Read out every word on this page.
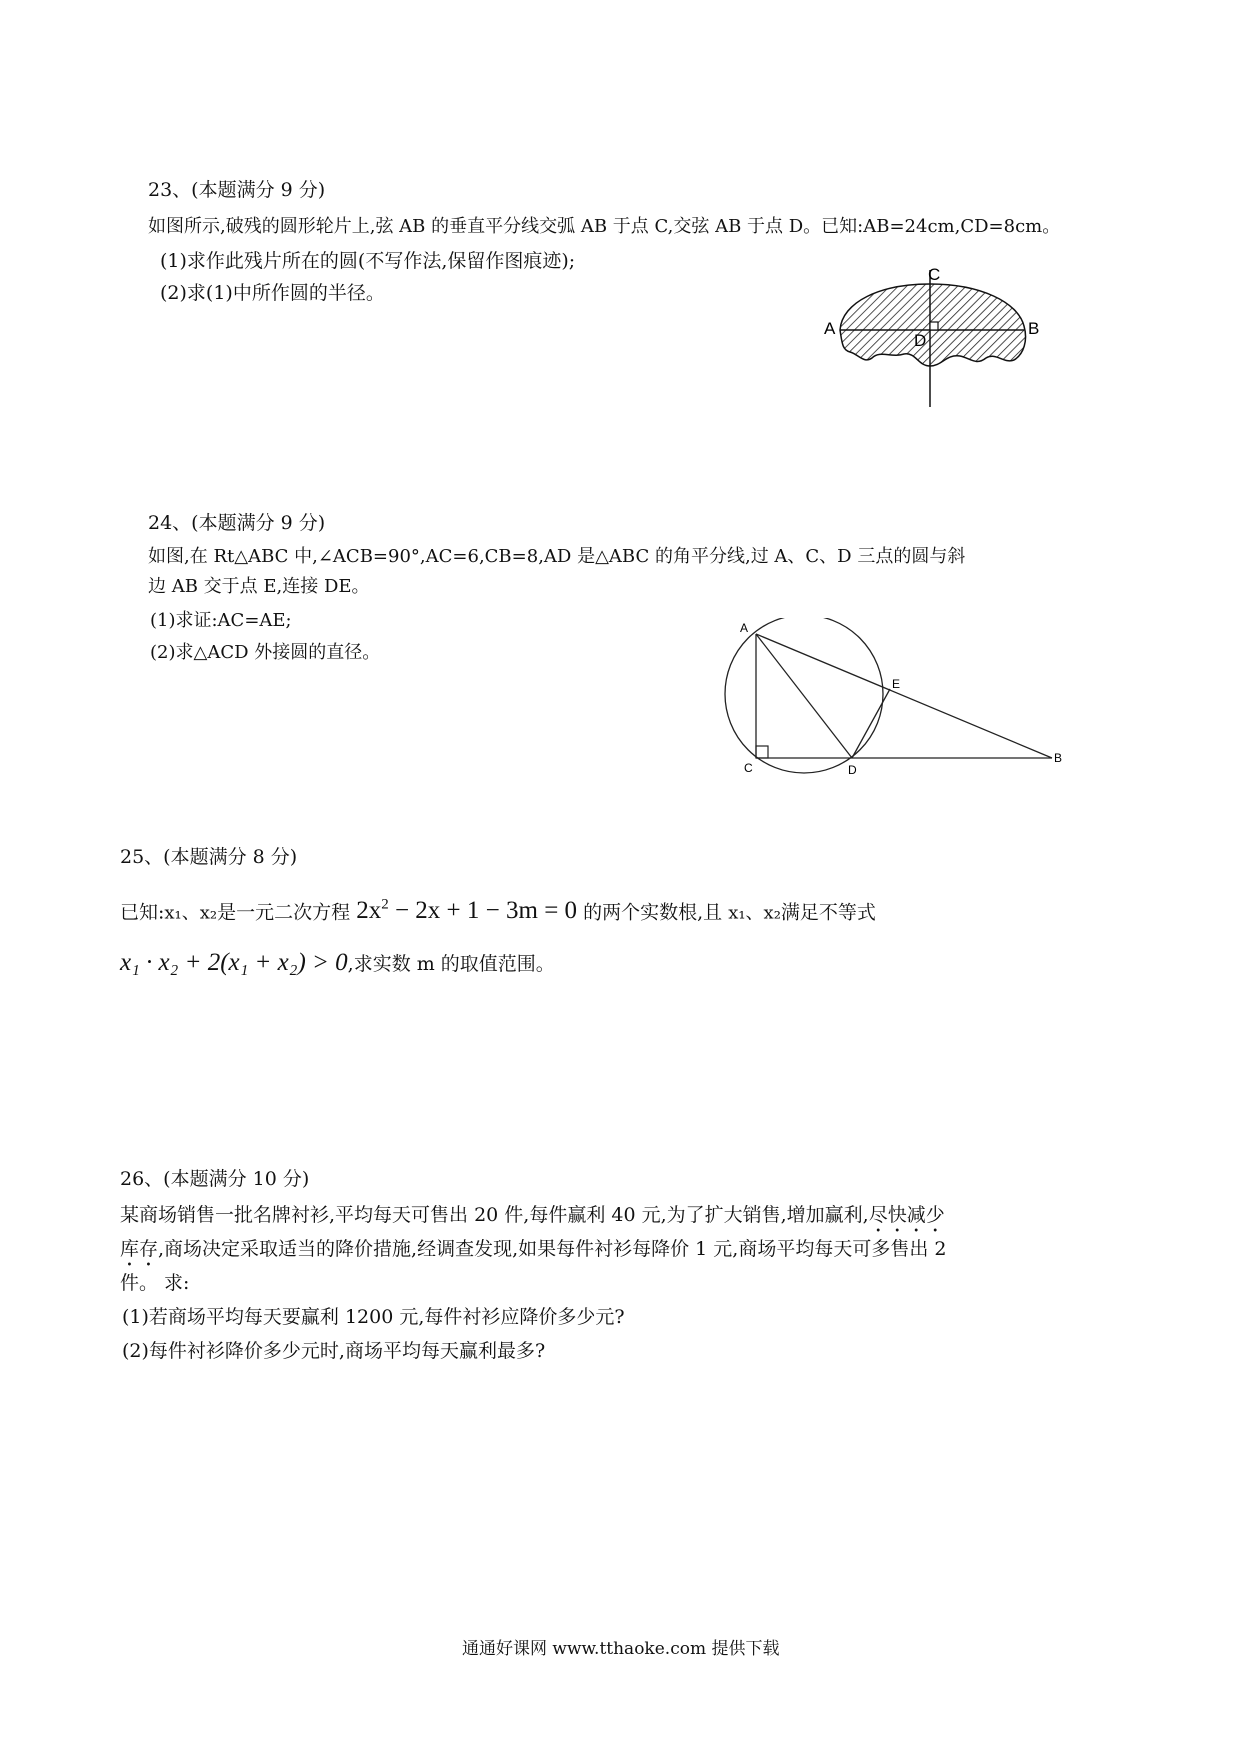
23、(本题满分 9 分)
如图所示,破残的圆形轮片上,弦 AB 的垂直平分线交弧 AB 于点 C,交弦 AB 于点 D。已知:AB=24cm,CD=8cm。
(1)求作此残片所在的圆(不写作法,保留作图痕迹);
(2)求(1)中所作圆的半径。
A	B
C
D
24、(本题满分 9 分)
如图,在 Rt△ABC 中,∠ACB=90°,AC=6,CB=8,AD 是△ABC 的角平分线,过 A、C、D 三点的圆与斜
边 AB 交于点 E,连接 DE。
(1)求证:AC=AE;
(2)求△ACD 外接圆的直径。
A
C	D
E
B
25、(本题满分 8 分)
已知:x₁、x₂是一元二次方程 $2x^2 - 2x + 1 - 3m = 0$ 的两个实数根,且 x₁、x₂满足不等式
x₁ · x₂ + 2(x₁ + x₂) > 0,求实数 m 的取值范围。
26、(本题满分 10 分)
某商场销售一批名牌衬衫,平均每天可售出 20 件,每件赢利 40 元,为了扩大销售,增加赢利,尽快减少
库存,商场决定采取适当的降价措施,经调查发现,如果每件衬衫每降价 1 元,商场平均每天可多售出 2
件。 求:
(1)若商场平均每天要赢利 1200 元,每件衬衫应降价多少元?
(2)每件衬衫降价多少元时,商场平均每天赢利最多?
通通好课网 www.tthaoke.com 提供下载
